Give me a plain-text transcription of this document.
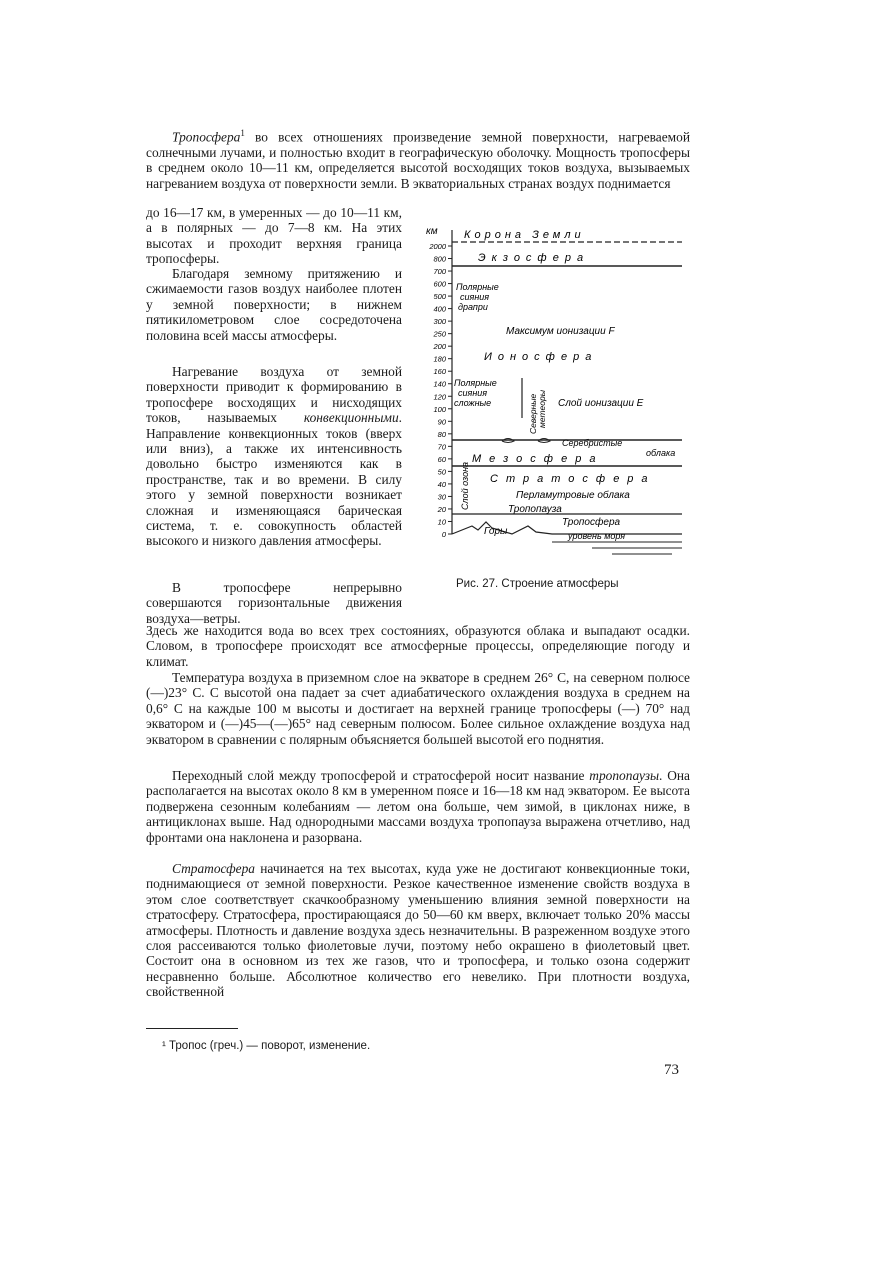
Тропосфера$^1$ во всех отношениях произведение земной поверхности, нагреваемой солнечными лучами, и полностью входит в географическую оболочку. Мощность тропосферы в среднем около 10—11 км, определяется высотой восходящих токов воздуха, вызываемых нагреванием воздуха от поверхности земли. В экваториальных странах воздух поднимается

до 16—17 км, в умеренных — до 10—11 км, а в полярных — до 7—8 км. На этих высотах и проходит верхняя граница тропосферы.

Благодаря земному притяжению и сжимаемости газов воздух наиболее плотен у земной поверхности; в нижнем пятикилометровом слое сосредоточена половина всей массы атмосферы.

Нагревание воздуха от земной поверхности приводит к формированию в тропосфере восходящих и нисходящих токов, называемых конвекционными. Направление конвекционных токов (вверх или вниз), а также их интенсивность довольно быстро изменяются как в пространстве, так и во времени. В силу этого у земной поверхности возникает сложная и изменяющаяся барическая система, т. е. совокупность областей высокого и низкого давления атмосферы.

В тропосфере непрерывно совершаются горизонтальные движения воздуха—ветры.

Здесь же находится вода во всех трех состояниях, образуются облака и выпадают осадки. Словом, в тропосфере происходят все атмосферные процессы, определяющие погоду и климат.

Температура воздуха в приземном слое на экваторе в среднем 26° С, на северном полюсе (—)23° С. С высотой она падает за счет адиабатического охлаждения воздуха в среднем на 0,6° С на каждые 100 м высоты и достигает на верхней границе тропосферы (—) 70° над экватором и (—)45—(—)65° над северным полюсом. Более сильное охлаждение воздуха над экватором в сравнении с полярным объясняется большей высотой его поднятия.

Переходный слой между тропосферой и стратосферой носит название тропопаузы. Она располагается на высотах около 8 км в умеренном поясе и 16—18 км над экватором. Ее высота подвержена сезонным колебаниям — летом она больше, чем зимой, в циклонах ниже, в антициклонах выше. Над однородными массами воздуха тропопауза выражена отчетливо, над фронтами она наклонена и разорвана.

Стратосфера начинается на тех высотах, куда уже не достигают конвекционные токи, поднимающиеся от земной поверхности. Резкое качественное изменение свойств воздуха в этом слое соответствует скачкообразному уменьшению влияния земной поверхности на стратосферу. Стратосфера, простирающаяся до 50—60 км вверх, включает только 20% массы атмосферы. Плотность и давление воздуха здесь незначительны. В разреженном воздухе этого слоя рассеиваются только фиолетовые лучи, поэтому небо окрашено в фиолетовый цвет. Состоит она в основном из тех же газов, что и тропосфера, и только озона содержит несравненно больше. Абсолютное количество его невелико. При плотности воздуха, свойственной

¹ Тропос (греч.) — поворот, изменение.

73

2000
800
700
600
500
400
300
250
200
180
160
140
120
100
90
80
70
60
50
40
30
20
10
0
км Корона Земли
Экзосфера
Полярные
сияния
драпри
Максимум ионизации F
Ионосфера
Полярные
сияния
сложные	Северные метеоры Слой ионизации Е
Серебристые
облака
Мезосфера
Слой озона Стратосфера
Перламутровые облака
Тропопауза
Тропосфера
Горы	уровень моря

Рис. 27. Строение атмосферы
